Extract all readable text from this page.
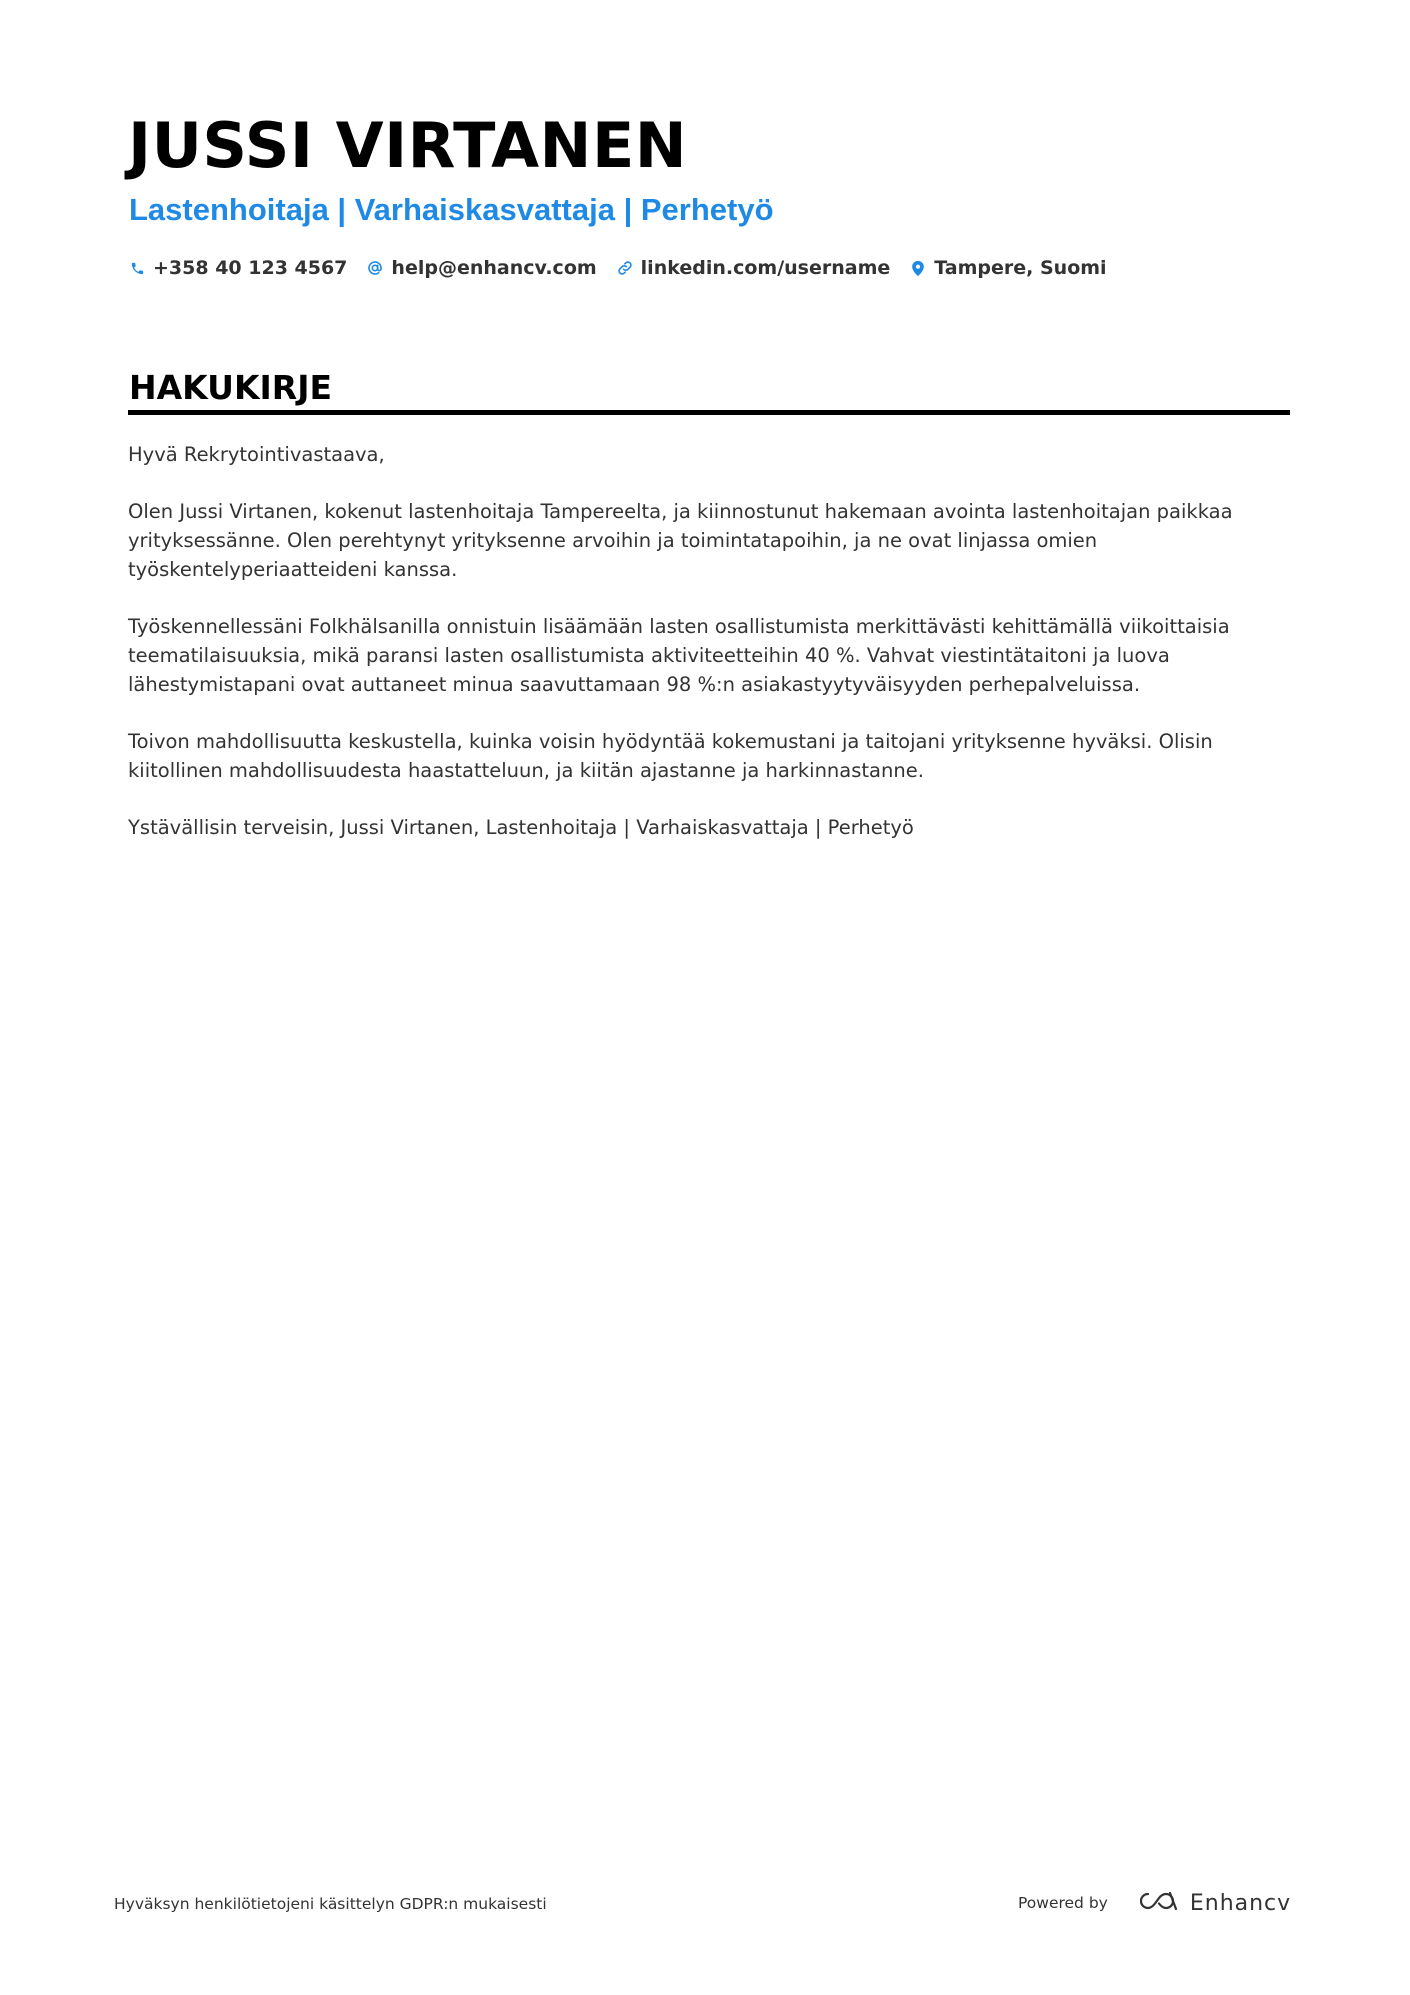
JUSSI VIRTANEN
Lastenhoitaja | Varhaiskasvattaja | Perhetyö
+358 40 123 4567 help@enhancv.com linkedin.com/username Tampere, Suomi
HAKUKIRJE

Hyvä Rekrytointivastaava,

Olen Jussi Virtanen, kokenut lastenhoitaja Tampereelta, ja kiinnostunut hakemaan avointa lastenhoitajan paikkaa yrityksessänne. Olen perehtynyt yrityksenne arvoihin ja toimintatapoihin, ja ne ovat linjassa omien työskentelyperiaatteideni kanssa.

Työskennellessäni Folkhälsanilla onnistuin lisäämään lasten osallistumista merkittävästi kehittämällä viikoittaisia teematilaisuuksia, mikä paransi lasten osallistumista aktiviteetteihin 40 %. Vahvat viestintätaitoni ja luova lähestymistapani ovat auttaneet minua saavuttamaan 98 %:n asiakastyytyväisyyden perhepalveluissa.

Toivon mahdollisuutta keskustella, kuinka voisin hyödyntää kokemustani ja taitojani yrityksenne hyväksi. Olisin kiitollinen mahdollisuudesta haastatteluun, ja kiitän ajastanne ja harkinnastanne.

Ystävällisin terveisin, Jussi Virtanen, Lastenhoitaja | Varhaiskasvattaja | Perhetyö

Hyväksyn henkilötietojeni käsittelyn GDPR:n mukaisesti	Powered by	Enhancv
